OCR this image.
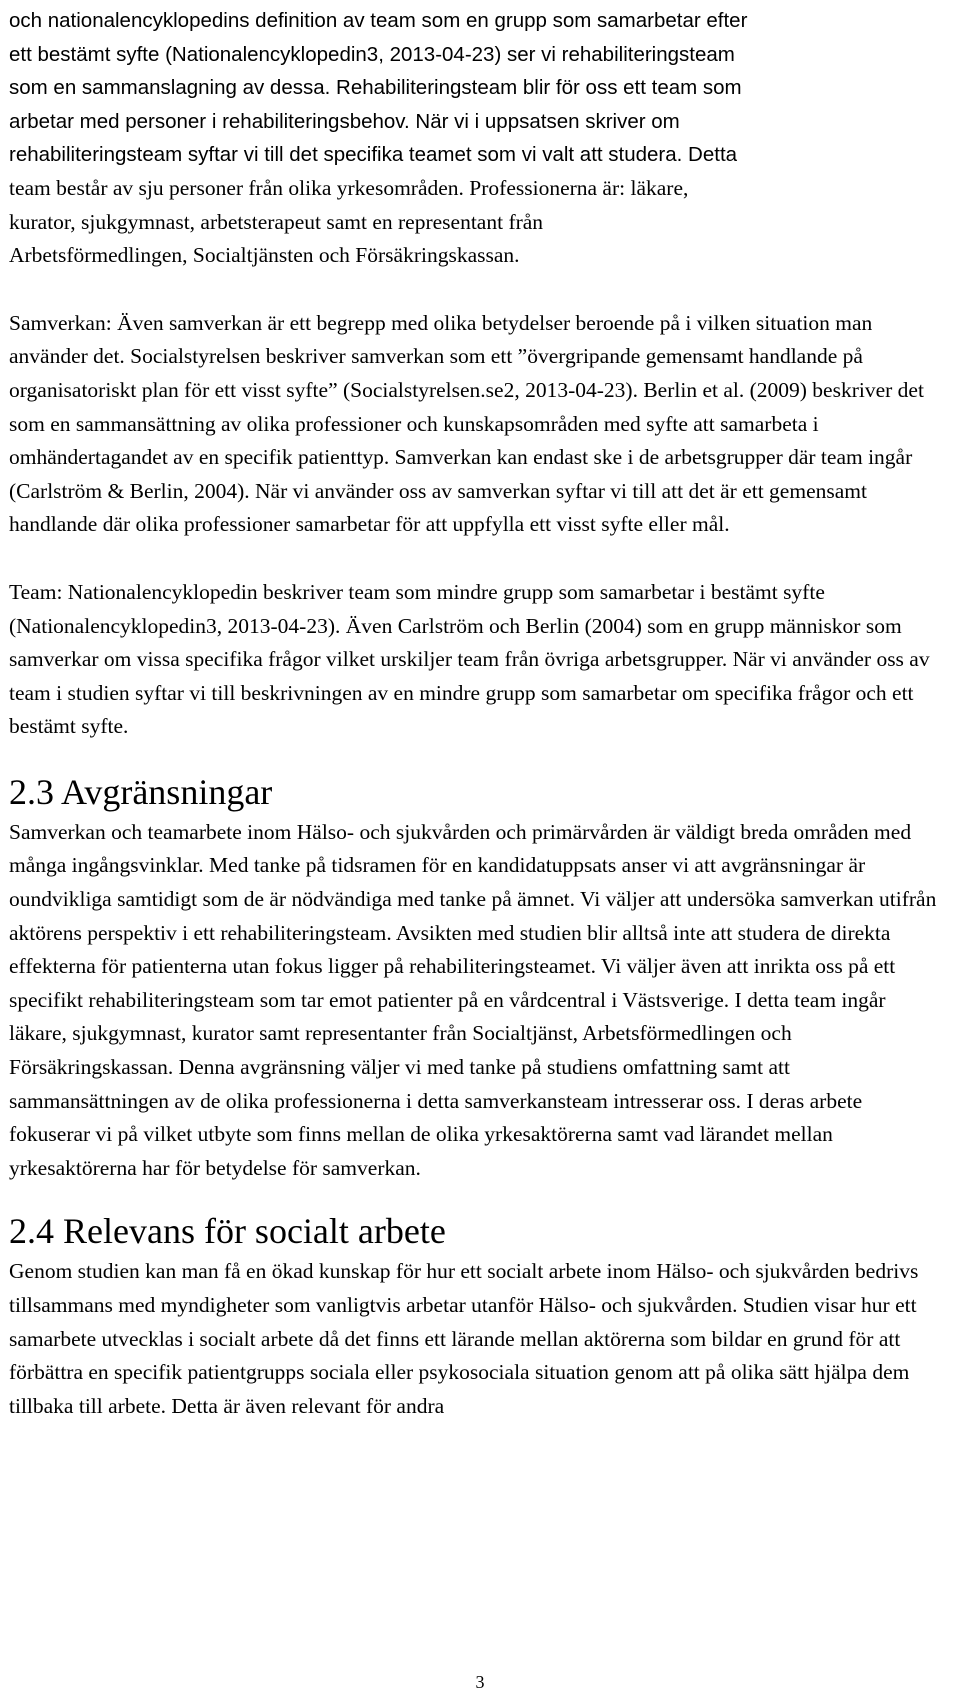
och nationalencyklopedins definition av team som en grupp som samarbetar efter
ett bestämt syfte (Nationalencyklopedin3, 2013-04-23) ser vi rehabiliteringsteam
som en sammanslagning av dessa. Rehabiliteringsteam blir för oss ett team som
arbetar med personer i rehabiliteringsbehov. När vi i uppsatsen skriver om
rehabiliteringsteam syftar vi till det specifika teamet som vi valt att studera. Detta
team består av sju personer från olika yrkesområden. Professionerna är: läkare,
kurator, sjukgymnast, arbetsterapeut samt en representant från
Arbetsförmedlingen, Socialtjänsten och Försäkringskassan.

Samverkan: Även samverkan är ett begrepp med olika betydelser beroende på i vilken situation man använder det. Socialstyrelsen beskriver samverkan som ett ”övergripande gemensamt handlande på organisatoriskt plan för ett visst syfte” (Socialstyrelsen.se2, 2013-04-23). Berlin et al. (2009) beskriver det som en sammansättning av olika professioner och kunskapsområden med syfte att samarbeta i omhändertagandet av en specifik patienttyp. Samverkan kan endast ske i de arbetsgrupper där team ingår (Carlström & Berlin, 2004). När vi använder oss av samverkan syftar vi till att det är ett gemensamt handlande där olika professioner samarbetar för att uppfylla ett visst syfte eller mål.

Team: Nationalencyklopedin beskriver team som mindre grupp som samarbetar i bestämt syfte (Nationalencyklopedin3, 2013-04-23). Även Carlström och Berlin (2004) som en grupp människor som samverkar om vissa specifika frågor vilket urskiljer team från övriga arbetsgrupper. När vi använder oss av team i studien syftar vi till beskrivningen av en mindre grupp som samarbetar om specifika frågor och ett bestämt syfte.

2.3 Avgränsningar

Samverkan och teamarbete inom Hälso- och sjukvården och primärvården är väldigt breda områden med många ingångsvinklar. Med tanke på tidsramen för en kandidatuppsats anser vi att avgränsningar är oundvikliga samtidigt som de är nödvändiga med tanke på ämnet. Vi väljer att undersöka samverkan utifrån aktörens perspektiv i ett rehabiliteringsteam. Avsikten med studien blir alltså inte att studera de direkta effekterna för patienterna utan fokus ligger på rehabiliteringsteamet. Vi väljer även att inrikta oss på ett specifikt rehabiliteringsteam som tar emot patienter på en vårdcentral i Västsverige. I detta team ingår läkare, sjukgymnast, kurator samt representanter från Socialtjänst, Arbetsförmedlingen och Försäkringskassan. Denna avgränsning väljer vi med tanke på studiens omfattning samt att sammansättningen av de olika professionerna i detta samverkansteam intresserar oss. I deras arbete fokuserar vi på vilket utbyte som finns mellan de olika yrkesaktörerna samt vad lärandet mellan yrkesaktörerna har för betydelse för samverkan.

2.4 Relevans för socialt arbete

Genom studien kan man få en ökad kunskap för hur ett socialt arbete inom Hälso- och sjukvården bedrivs tillsammans med myndigheter som vanligtvis arbetar utanför Hälso- och sjukvården. Studien visar hur ett samarbete utvecklas i socialt arbete då det finns ett lärande mellan aktörerna som bildar en grund för att förbättra en specifik patientgrupps sociala eller psykosociala situation genom att på olika sätt hjälpa dem tillbaka till arbete. Detta är även relevant för andra

3
